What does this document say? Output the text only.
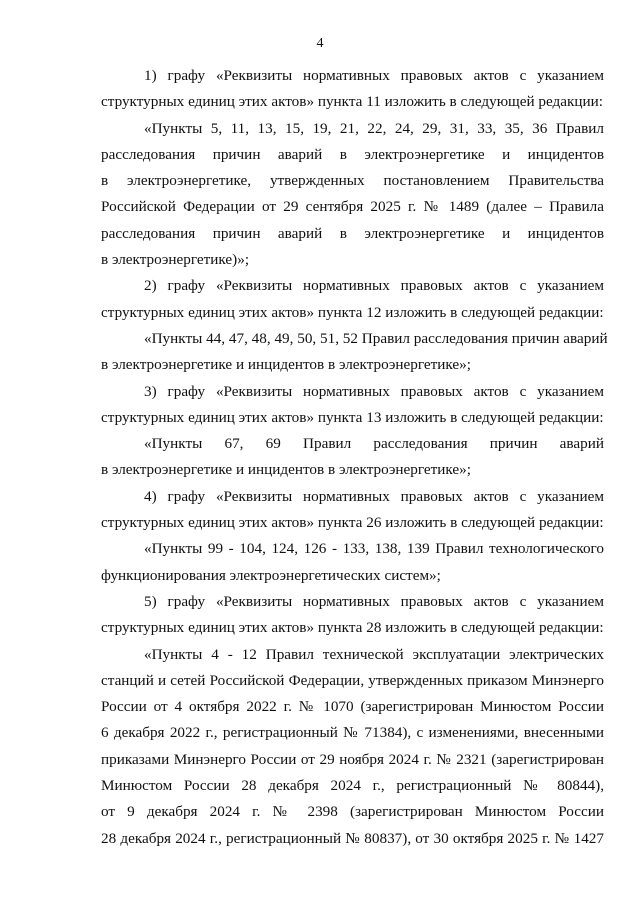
4
1) графу «Реквизиты нормативных правовых актов с указанием
структурных единиц этих актов» пункта 11 изложить в следующей редакции:
«Пункты 5, 11, 13, 15, 19, 21, 22, 24, 29, 31, 33, 35, 36 Правил
расследования причин аварий в электроэнергетике и инцидентов
в электроэнергетике, утвержденных постановлением Правительства
Российской Федерации от 29 сентября 2025 г. № 1489 (далее – Правила
расследования причин аварий в электроэнергетике и инцидентов
в электроэнергетике)»;
2) графу «Реквизиты нормативных правовых актов с указанием
структурных единиц этих актов» пункта 12 изложить в следующей редакции:
«Пункты 44, 47, 48, 49, 50, 51, 52 Правил расследования причин аварий
в электроэнергетике и инцидентов в электроэнергетике»;
3) графу «Реквизиты нормативных правовых актов с указанием
структурных единиц этих актов» пункта 13 изложить в следующей редакции:
«Пункты 67, 69 Правил расследования причин аварий
в электроэнергетике и инцидентов в электроэнергетике»;
4) графу «Реквизиты нормативных правовых актов с указанием
структурных единиц этих актов» пункта 26 изложить в следующей редакции:
«Пункты 99 - 104, 124, 126 - 133, 138, 139 Правил технологического
функционирования электроэнергетических систем»;
5) графу «Реквизиты нормативных правовых актов с указанием
структурных единиц этих актов» пункта 28 изложить в следующей редакции:
«Пункты 4 - 12 Правил технической эксплуатации электрических
станций и сетей Российской Федерации, утвержденных приказом Минэнерго
России от 4 октября 2022 г. № 1070 (зарегистрирован Минюстом России
6 декабря 2022 г., регистрационный № 71384), с изменениями, внесенными
приказами Минэнерго России от 29 ноября 2024 г. № 2321 (зарегистрирован
Минюстом России 28 декабря 2024 г., регистрационный № 80844),
от 9 декабря 2024 г. № 2398 (зарегистрирован Минюстом России
28 декабря 2024 г., регистрационный № 80837), от 30 октября 2025 г. № 1427
